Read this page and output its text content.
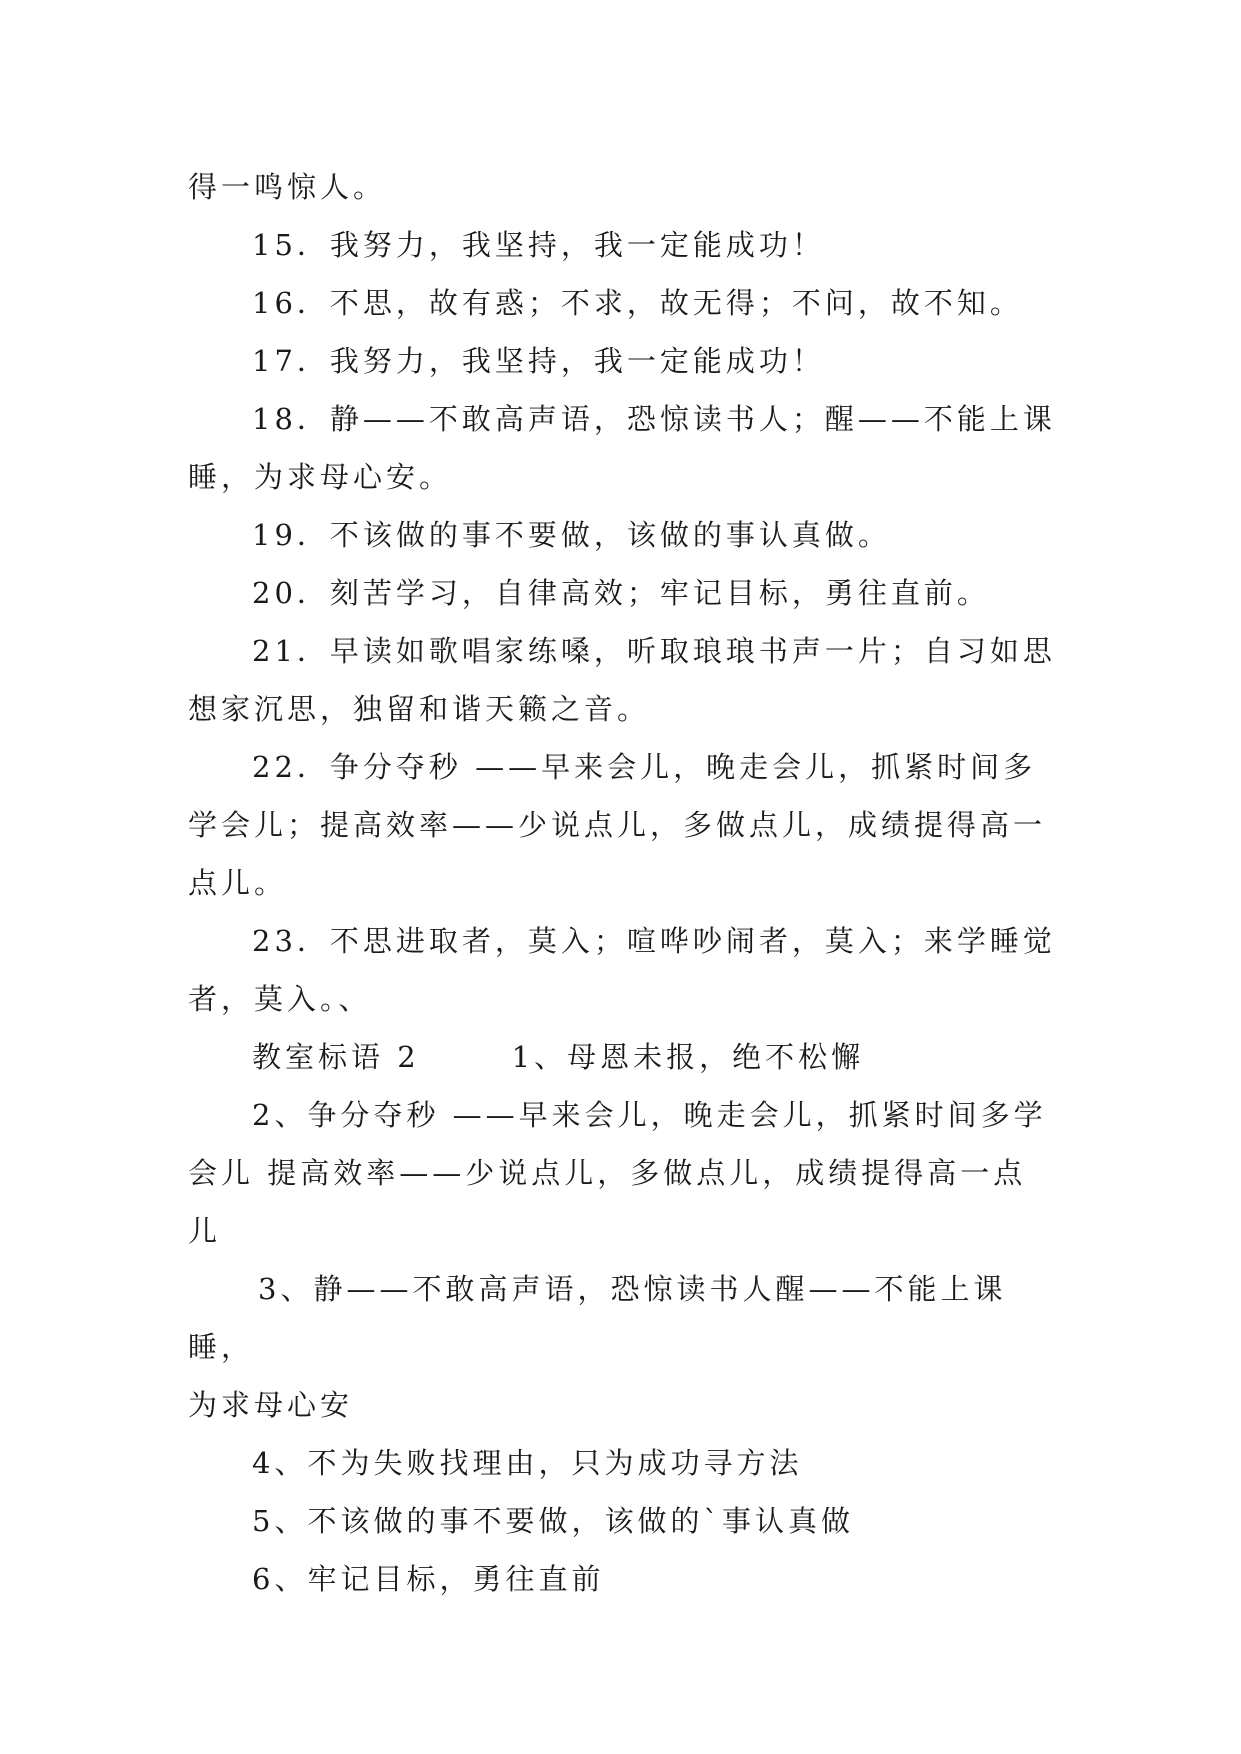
得一鸣惊人。

15．我努力，我坚持，我一定能成功！

16．不思，故有惑；不求，故无得；不问，故不知。

17．我努力，我坚持，我一定能成功！

18．静——不敢高声语，恐惊读书人；醒——不能上课
睡，为求母心安。

19．不该做的事不要做，该做的事认真做。

20．刻苦学习，自律高效；牢记目标，勇往直前。

21．早读如歌唱家练嗓，听取琅琅书声一片；自习如思
想家沉思，独留和谐天籁之音。

22．争分夺秒 ——早来会儿，晚走会儿，抓紧时间多
学会儿；提高效率——少说点儿，多做点儿，成绩提得高一
点儿。

23．不思进取者，莫入；喧哗吵闹者，莫入；来学睡觉
者，莫入。、

教室标语 2	1、母恩未报，绝不松懈

2、争分夺秒 ——早来会儿，晚走会儿，抓紧时间多学
会儿 提高效率——少说点儿，多做点儿，成绩提得高一点
儿

3、静——不敢高声语，恐惊读书人醒——不能上课睡，
为求母心安

4、不为失败找理由，只为成功寻方法

5、不该做的事不要做，该做的`事认真做

6、牢记目标，勇往直前
